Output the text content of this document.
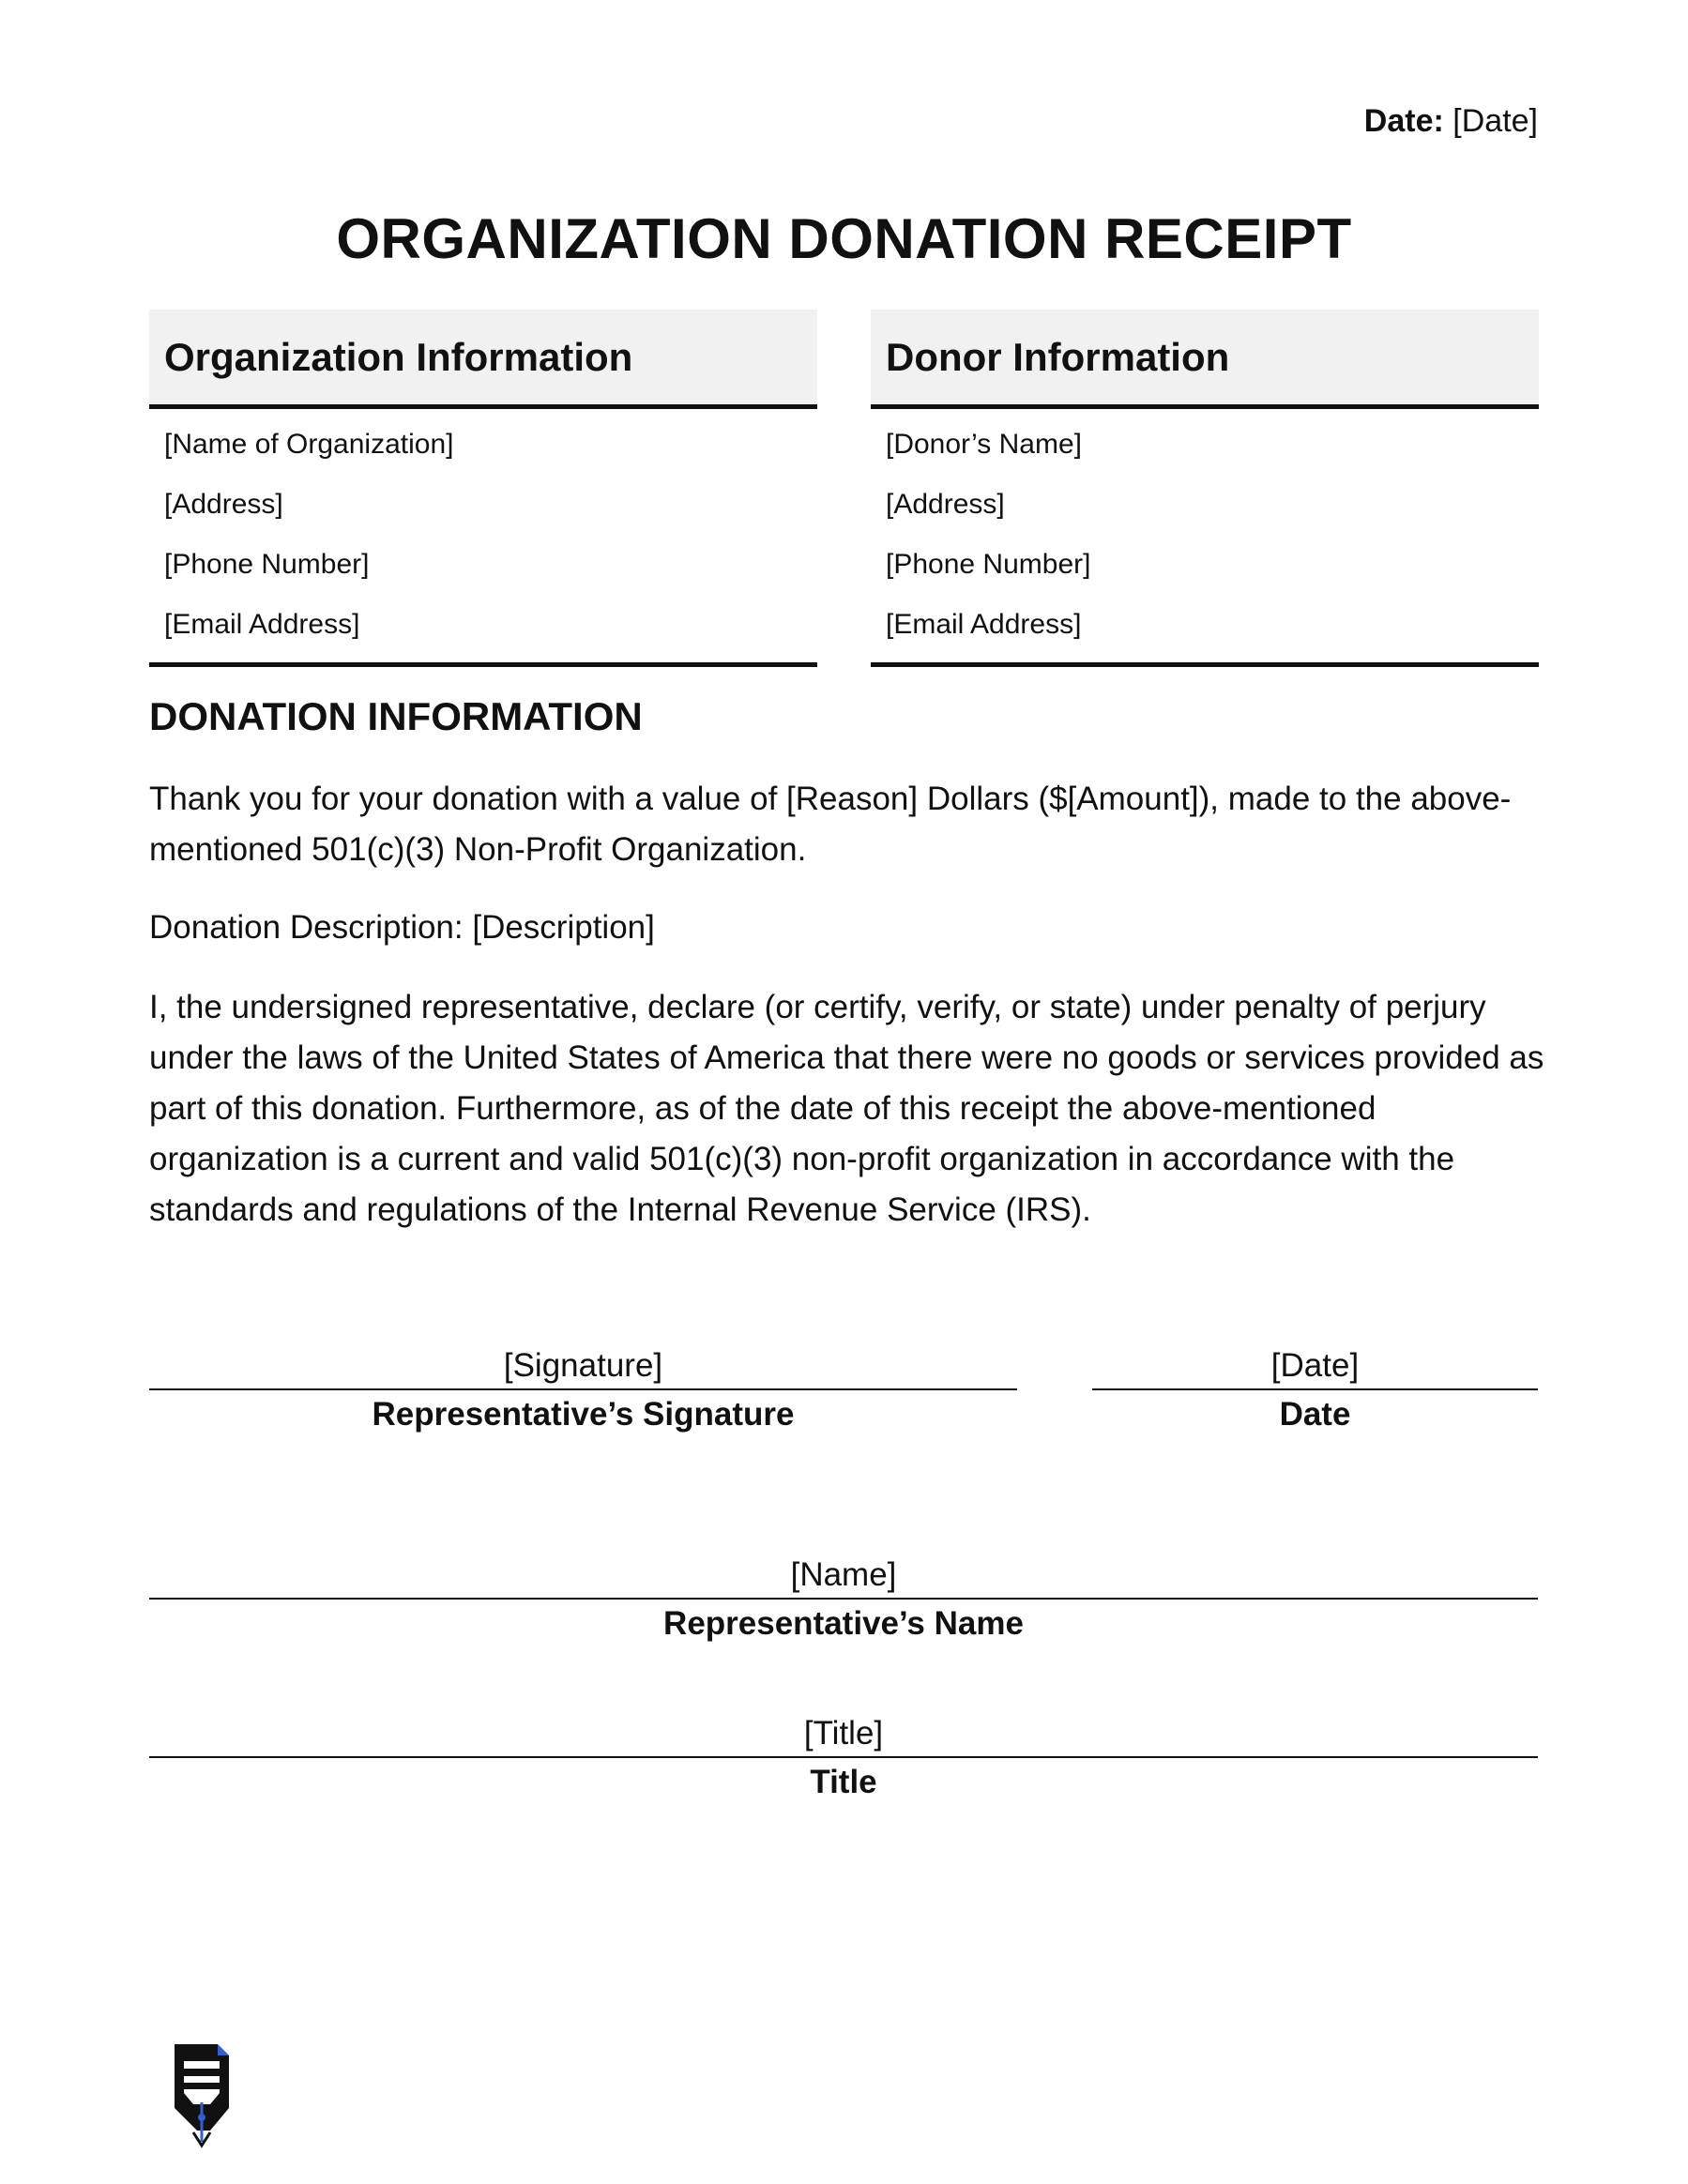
Date: [Date]
ORGANIZATION DONATION RECEIPT
Organization Information
[Name of Organization]
[Address]
[Phone Number]
[Email Address]
Donor Information
[Donor’s Name]
[Address]
[Phone Number]
[Email Address]
DONATION INFORMATION
Thank you for your donation with a value of [Reason] Dollars ($[Amount]), made to the above-mentioned 501(c)(3) Non-Profit Organization.
Donation Description: [Description]
I, the undersigned representative, declare (or certify, verify, or state) under penalty of perjury under the laws of the United States of America that there were no goods or services provided as part of this donation. Furthermore, as of the date of this receipt the above-mentioned organization is a current and valid 501(c)(3) non-profit organization in accordance with the standards and regulations of the Internal Revenue Service (IRS).
[Signature]
Representative’s Signature
[Date]
Date
[Name]
Representative’s Name
[Title]
Title
